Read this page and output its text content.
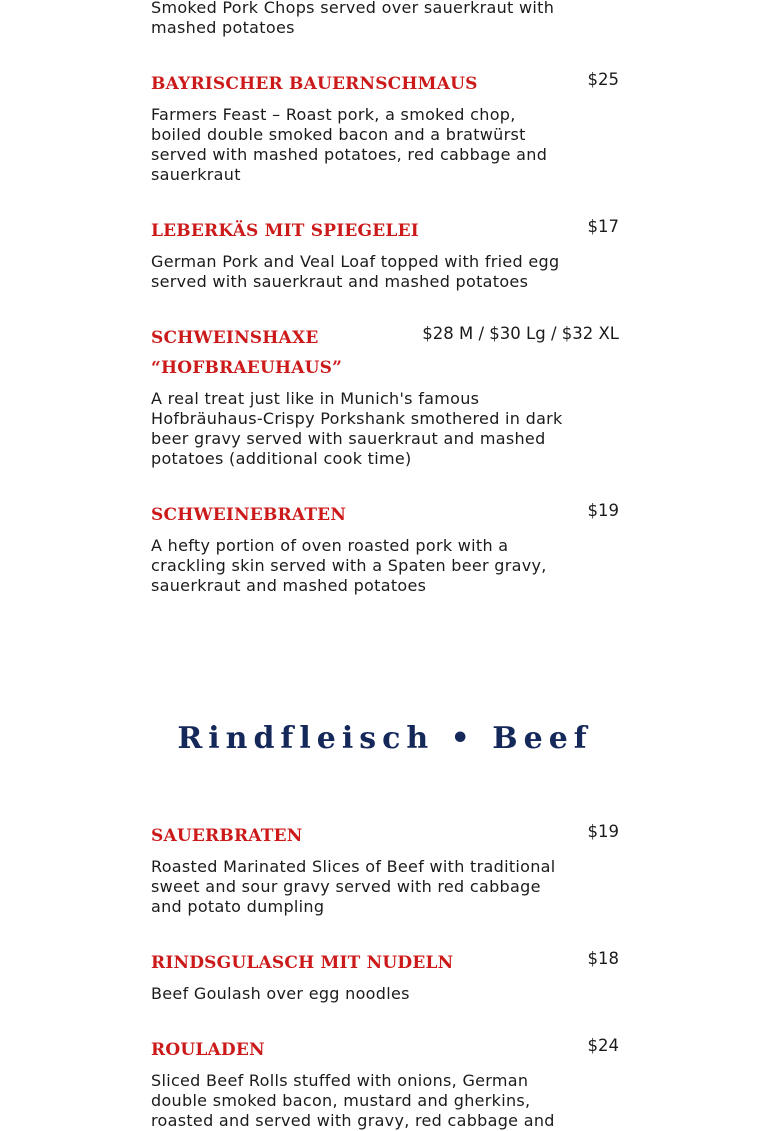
Smoked Pork Chops served over sauerkraut with mashed potatoes

BAYRISCHER BAUERNSCHMAUS	$25

Farmers Feast – Roast pork, a smoked chop, boiled double smoked bacon and a bratwürst served with mashed potatoes, red cabbage and sauerkraut

LEBERKÄS MIT SPIEGELEI	$17

German Pork and Veal Loaf topped with fried egg served with sauerkraut and mashed potatoes

SCHWEINSHAXE
“HOFBRAEUHAUS”
$28 M / $30 Lg / $32 XL

A real treat just like in Munich's famous Hofbräuhaus-Crispy Porkshank smothered in dark beer gravy served with sauerkraut and mashed potatoes (additional cook time)

SCHWEINEBRATEN	$19

A hefty portion of oven roasted pork with a crackling skin served with a Spaten beer gravy, sauerkraut and mashed potatoes

Rindfleisch • Beef
SAUERBRATEN	$19

Roasted Marinated Slices of Beef with traditional sweet and sour gravy served with red cabbage and potato dumpling

RINDSGULASCH MIT NUDELN	$18

Beef Goulash over egg noodles

ROULADEN	$24

Sliced Beef Rolls stuffed with onions, German double smoked bacon, mustard and gherkins, roasted and served with gravy, red cabbage and
